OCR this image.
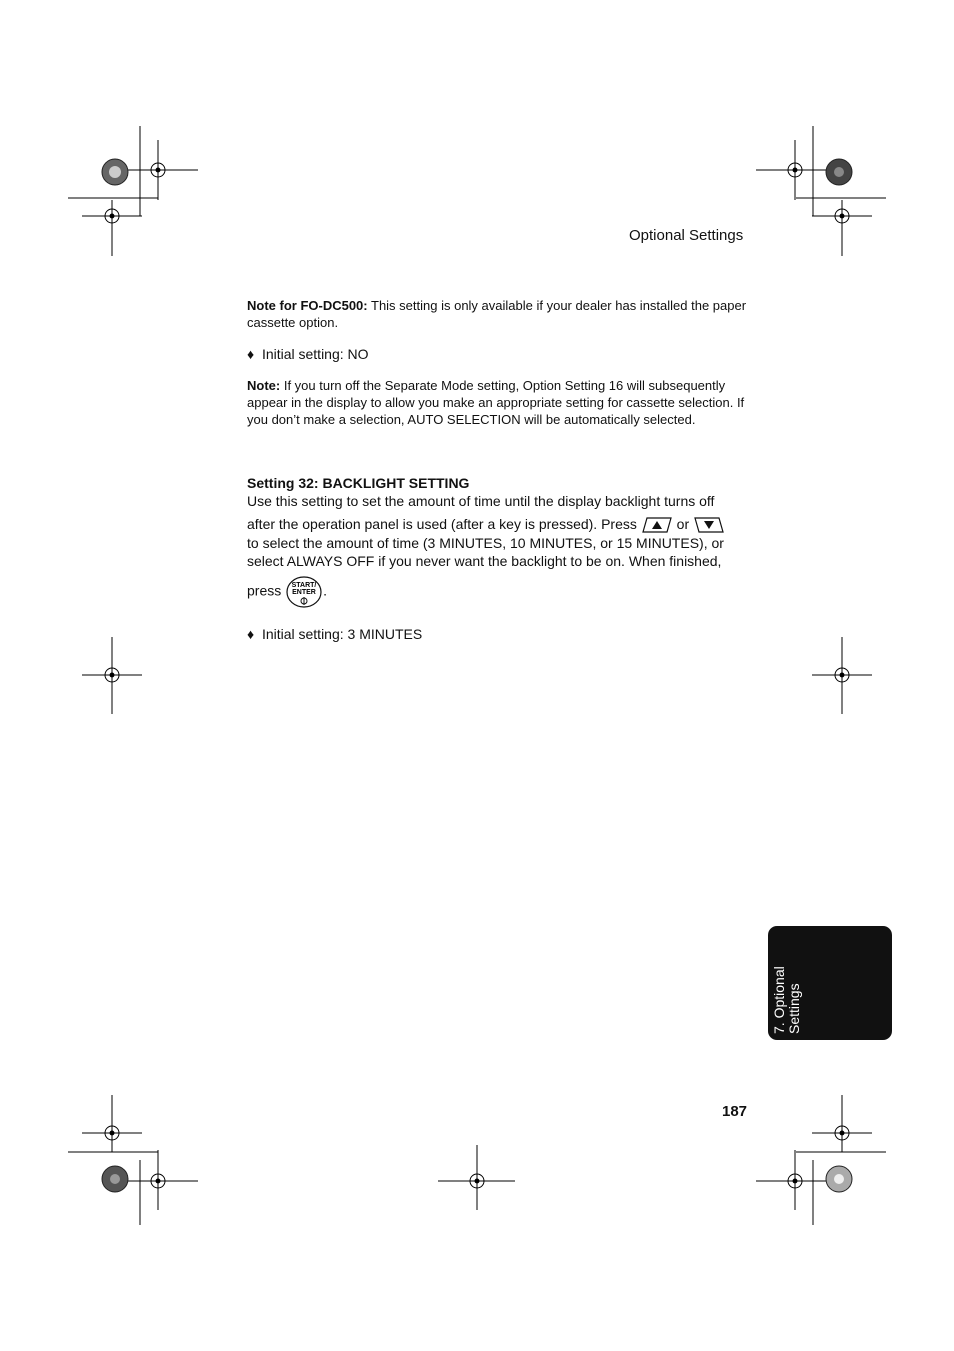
Optional Settings
Note for FO-DC500: This setting is only available if your dealer has installed the paper cassette option.
♦ Initial setting: NO
Note: If you turn off the Separate Mode setting, Option Setting 16 will subsequently appear in the display to allow you make an appropriate setting for cassette selection. If you don’t make a selection, AUTO SELECTION will be automatically selected.
Setting 32: BACKLIGHT SETTING
Use this setting to set the amount of time until the display backlight turns off
after the operation panel is used (after a key is pressed). Press	or
to select the amount of time (3 MINUTES, 10 MINUTES, or 15 MINUTES), or select ALWAYS OFF if you never want the backlight to be on. When finished,
press START/
ENTER .
♦ Initial setting: 3 MINUTES
7. Optional Settings
187
